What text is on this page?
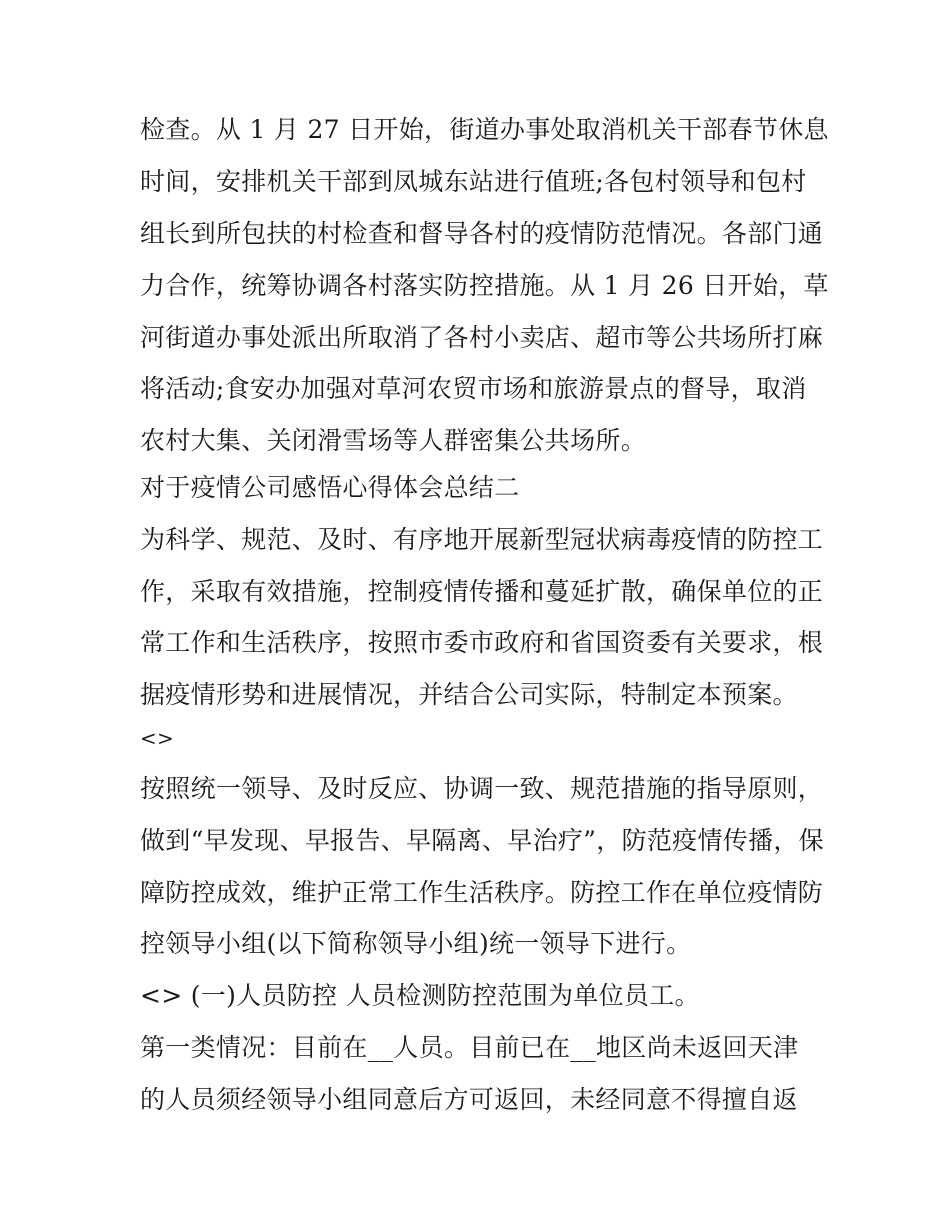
检查。从 1 月 27 日开始，街道办事处取消机关干部春节休息
时间，安排机关干部到凤城东站进行值班;各包村领导和包村
组长到所包扶的村检查和督导各村的疫情防范情况。各部门通
力合作，统筹协调各村落实防控措施。从 1 月 26 日开始，草
河街道办事处派出所取消了各村小卖店、超市等公共场所打麻
将活动;食安办加强对草河农贸市场和旅游景点的督导，取消
农村大集、关闭滑雪场等人群密集公共场所。
对于疫情公司感悟心得体会总结二
为科学、规范、及时、有序地开展新型冠状病毒疫情的防控工
作，采取有效措施，控制疫情传播和蔓延扩散，确保单位的正
常工作和生活秩序，按照市委市政府和省国资委有关要求，根
据疫情形势和进展情况，并结合公司实际，特制定本预案。
<>
按照统一领导、及时反应、协调一致、规范措施的指导原则，
做到“早发现、早报告、早隔离、早治疗”，防范疫情传播，保
障防控成效，维护正常工作生活秩序。防控工作在单位疫情防
控领导小组(以下简称领导小组)统一领导下进行。
<> (一)人员防控 人员检测防控范围为单位员工。
第一类情况：目前在__人员。目前已在__地区尚未返回天津
的人员须经领导小组同意后方可返回，未经同意不得擅自返
